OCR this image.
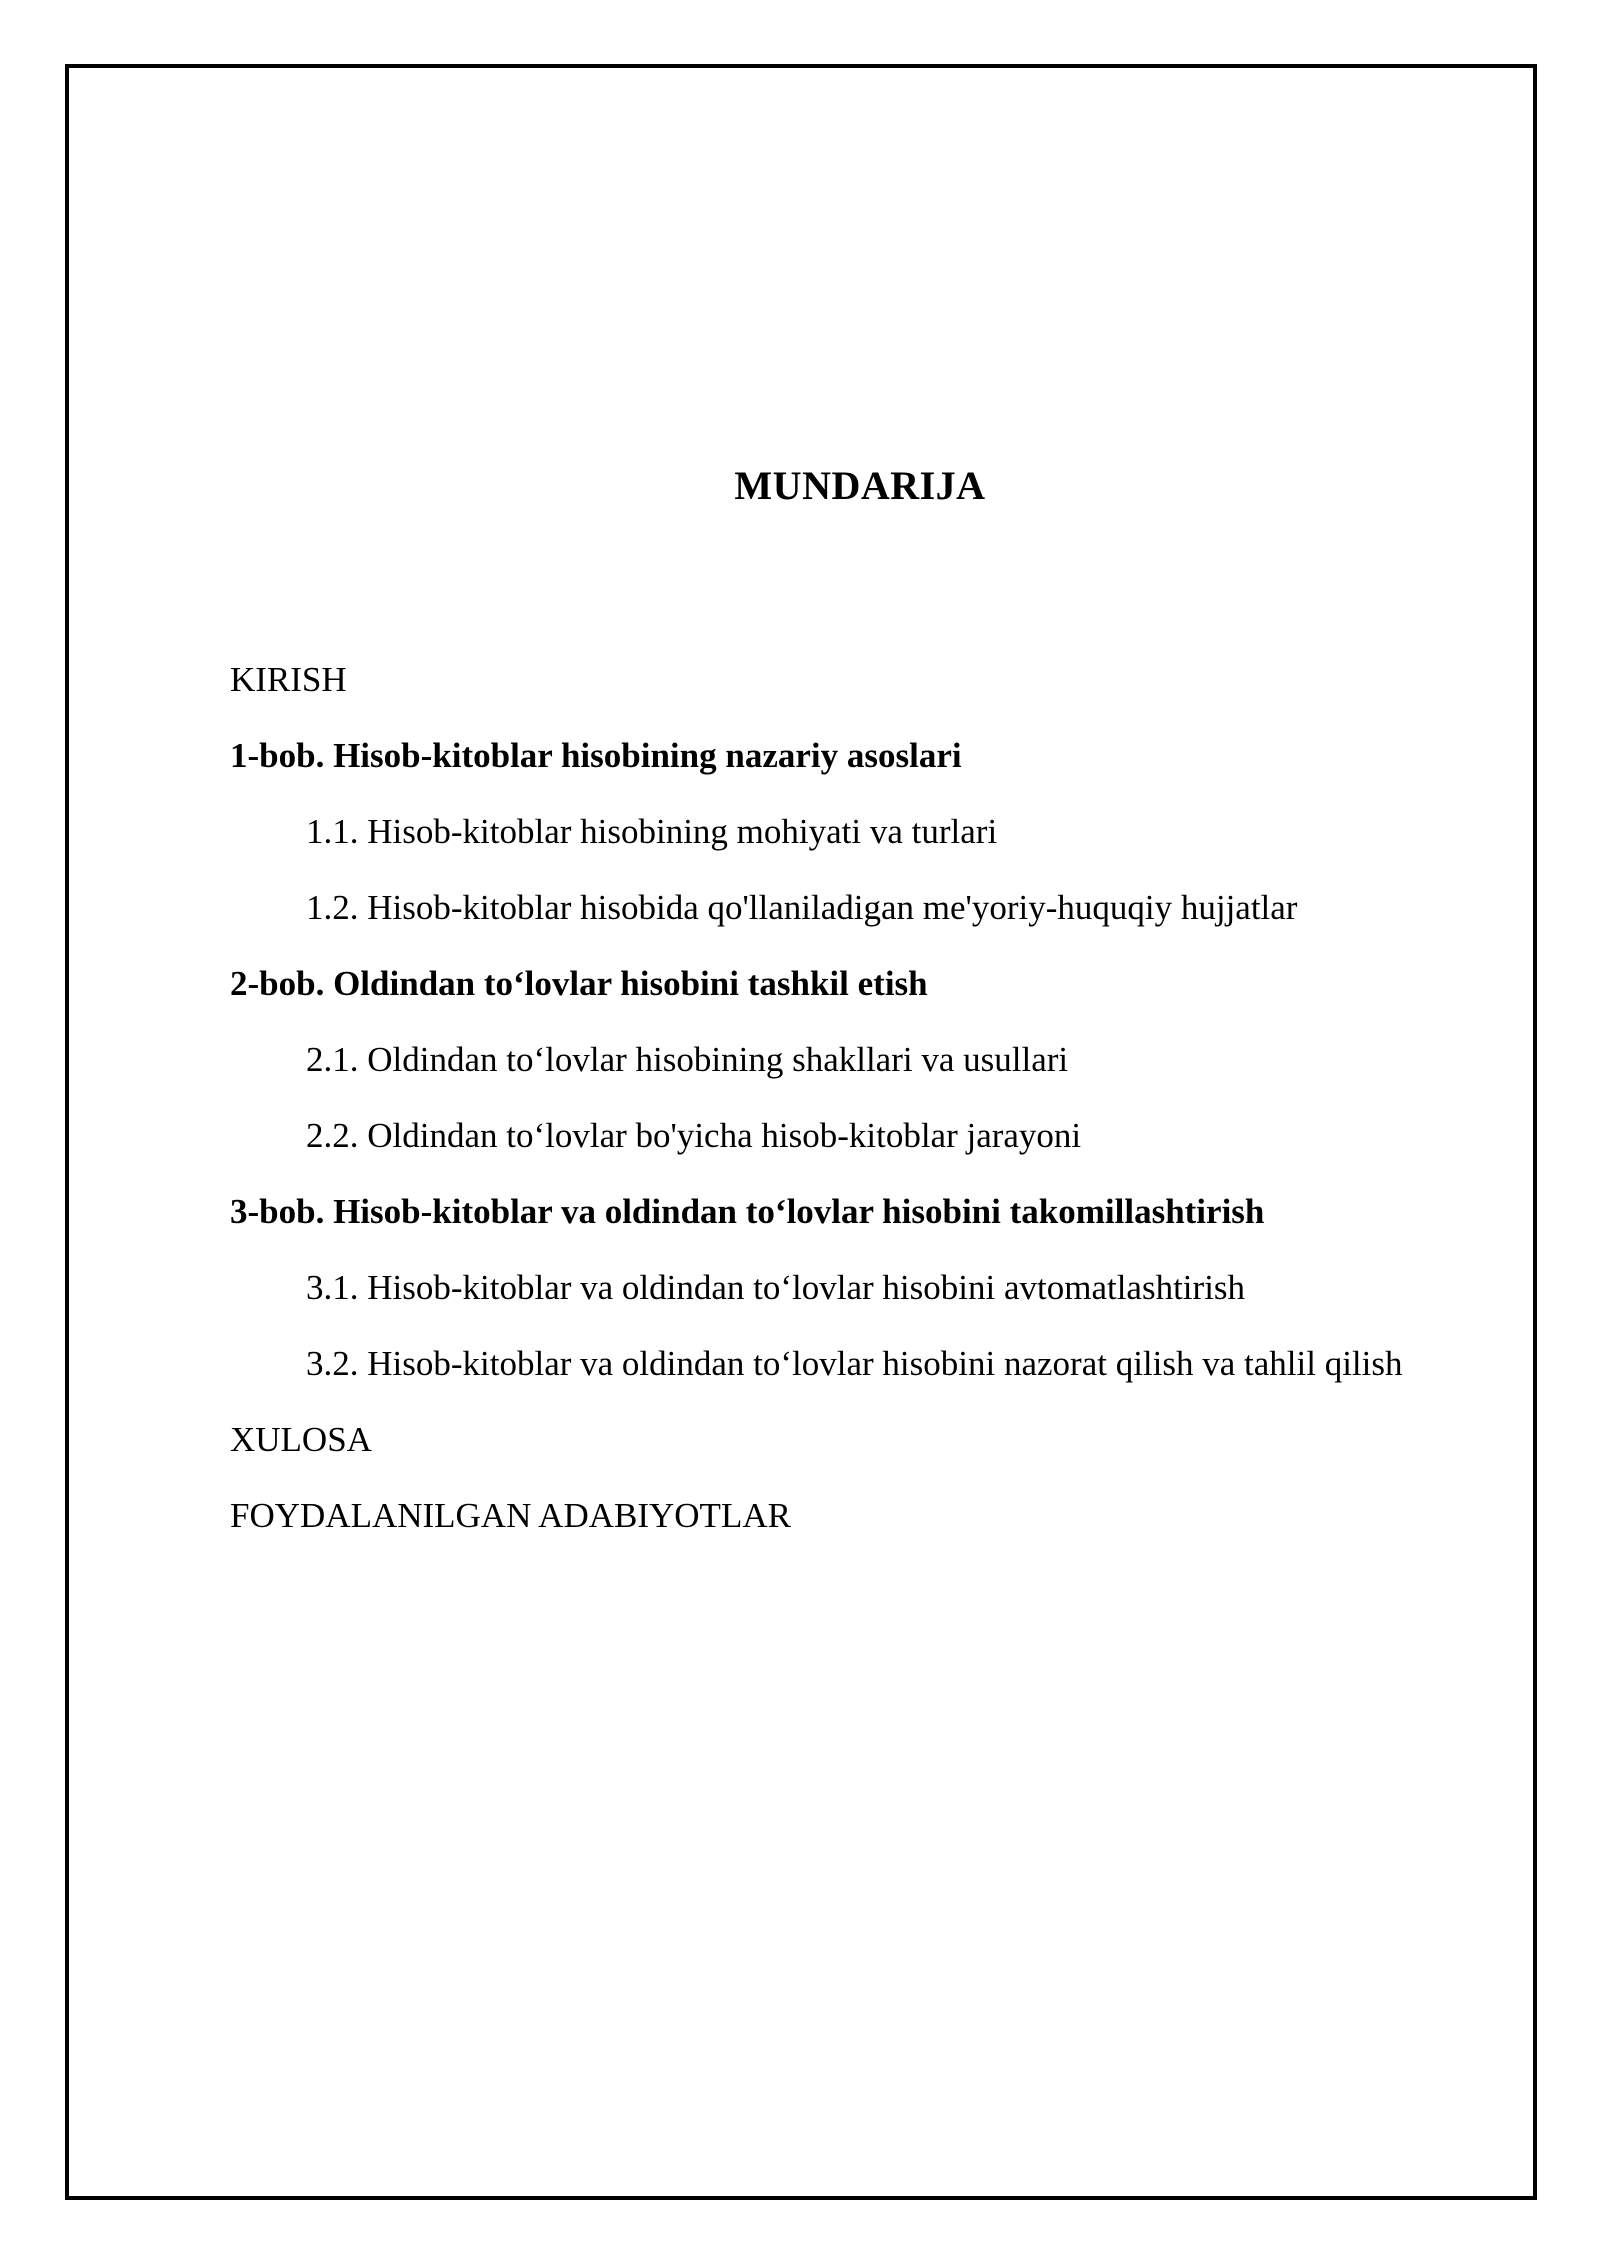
MUNDARIJA
KIRISH
1-bob. Hisob-kitoblar hisobining nazariy asoslari
1.1. Hisob-kitoblar hisobining mohiyati va turlari
1.2. Hisob-kitoblar hisobida qo'llaniladigan me'yoriy-huquqiy hujjatlar
2-bob. Oldindan to‘lovlar hisobini tashkil etish
2.1. Oldindan to‘lovlar hisobining shakllari va usullari
2.2. Oldindan to‘lovlar bo'yicha hisob-kitoblar jarayoni
3-bob. Hisob-kitoblar va oldindan to‘lovlar hisobini takomillashtirish
3.1. Hisob-kitoblar va oldindan to‘lovlar hisobini avtomatlashtirish
3.2. Hisob-kitoblar va oldindan to‘lovlar hisobini nazorat qilish va tahlil qilish
XULOSA
FOYDALANILGAN ADABIYOTLAR
